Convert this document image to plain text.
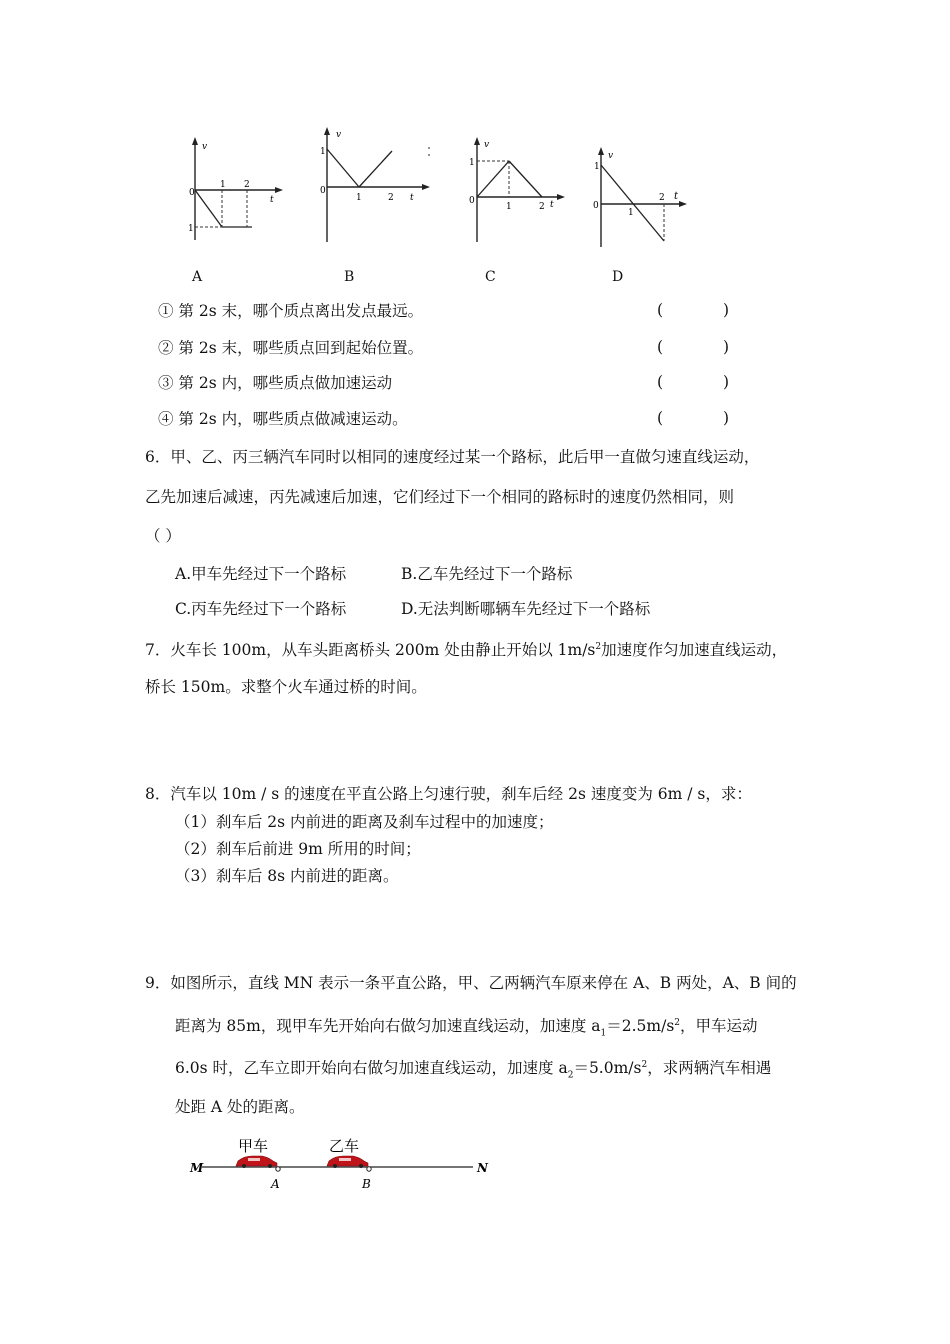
v
t
0
1
1 2
A
v
t
0
1
1	2
B
v
t
0
1
1	2
C
v
t
0
1
1
2
D
① 第 2s 末，哪个质点离出发点最远。	(	)
② 第 2s 末，哪些质点回到起始位置。	(	)
③ 第 2s 内，哪些质点做加速运动	(	)
④ 第 2s 内，哪些质点做减速运动。	(	)
6．甲、乙、丙三辆汽车同时以相同的速度经过某一个路标，此后甲一直做匀速直线运动，
乙先加速后减速，丙先减速后加速，它们经过下一个相同的路标时的速度仍然相同，则
（ ）
A.甲车先经过下一个路标	B.乙车先经过下一个路标
C.丙车先经过下一个路标	D.无法判断哪辆车先经过下一个路标
7．火车长 100m，从车头距离桥头 200m 处由静止开始以 $1m/s^2$加速度作匀加速直线运动，
桥长 150m。求整个火车通过桥的时间。
8．汽车以 10m / s 的速度在平直公路上匀速行驶，刹车后经 2s 速度变为 6m / s，求：
（1）刹车后 2s 内前进的距离及刹车过程中的加速度；
（2）刹车后前进 9m 所用的时间；
（3）刹车后 8s 内前进的距离。
9．如图所示，直线 MN 表示一条平直公路，甲、乙两辆汽车原来停在 A、B 两处，A、B 间的
距离为 85m，现甲车先开始向右做匀加速直线运动，加速度 $a_1=2.5m/s^2$，甲车运动
6.0s 时，乙车立即开始向右做匀加速直线运动，加速度 $a_2=5.0m/s^2$，求两辆汽车相遇
处距 A 处的距离。
M	N
A	B
甲车	乙车
